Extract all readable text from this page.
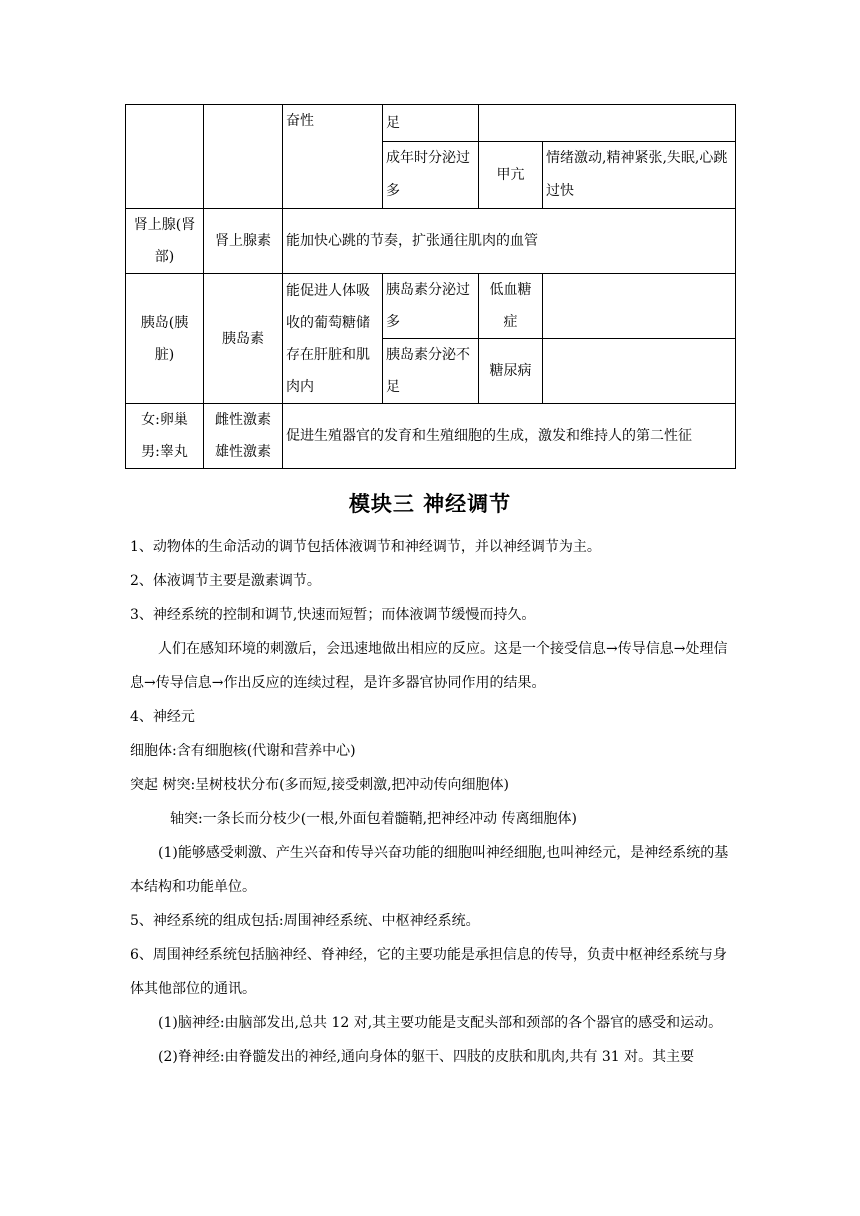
		奋性	足		
			成年时分泌过多	甲亢	情绪激动,精神紧张,失眠,心跳过快
肾上腺(肾部)	肾上腺素	能加快心跳的节奏，扩张通往肌肉的血管			
胰岛(胰脏)	胰岛素	能促进人体吸收的葡萄糖储存在肝脏和肌肉内	胰岛素分泌过多	低血糖症	
			胰岛素分泌不足	糖尿病	
女:卵巢 男:睾丸	雌性激素 雄性激素	促进生殖器官的发育和生殖细胞的生成，激发和维持人的第二性征			
模块三 神经调节

1、动物体的生命活动的调节包括体液调节和神经调节，并以神经调节为主。

2、体液调节主要是激素调节。

3、神经系统的控制和调节,快速而短暂；而体液调节缓慢而持久。

人们在感知环境的刺激后，会迅速地做出相应的反应。这是一个接受信息→传导信息→处理信息→传导信息→作出反应的连续过程，是许多器官协同作用的结果。

4、神经元

细胞体:含有细胞核(代谢和营养中心)

突起 树突:呈树枝状分布(多而短,接受刺激,把冲动传向细胞体)

轴突:一条长而分枝少(一根,外面包着髓鞘,把神经冲动 传离细胞体)

(1)能够感受刺激、产生兴奋和传导兴奋功能的细胞叫神经细胞,也叫神经元，是神经系统的基本结构和功能单位。

5、神经系统的组成包括:周围神经系统、中枢神经系统。

6、周围神经系统包括脑神经、脊神经，它的主要功能是承担信息的传导，负责中枢神经系统与身体其他部位的通讯。

(1)脑神经:由脑部发出,总共 12 对,其主要功能是支配头部和颈部的各个器官的感受和运动。

(2)脊神经:由脊髓发出的神经,通向身体的躯干、四肢的皮肤和肌肉,共有 31 对。其主要
